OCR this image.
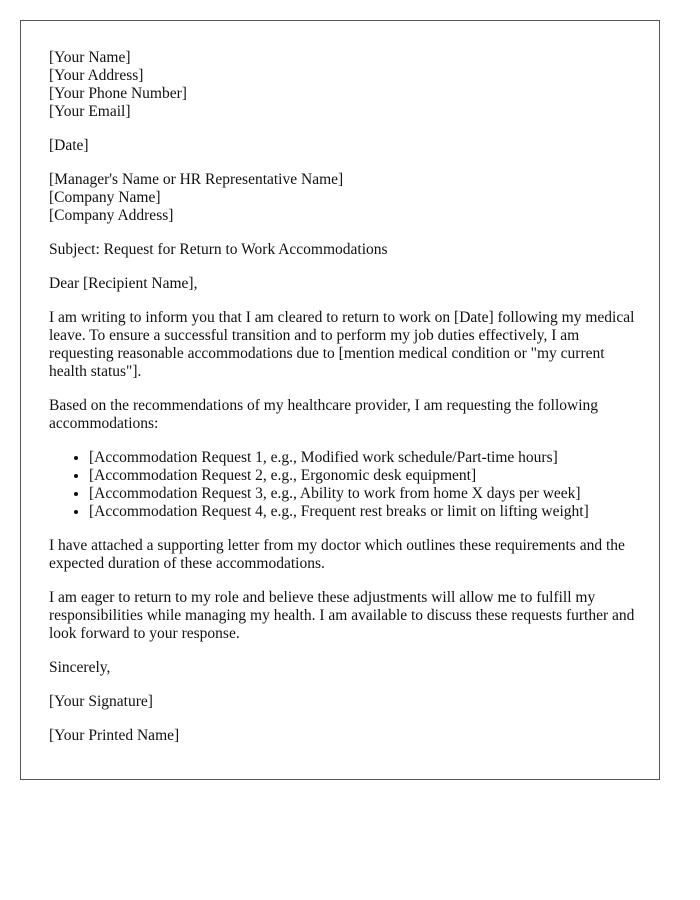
[Your Name]

[Your Address]

[Your Phone Number]

[Your Email]

[Date]

[Manager's Name or HR Representative Name]

[Company Name]

[Company Address]

Subject: Request for Return to Work Accommodations

Dear [Recipient Name],

I am writing to inform you that I am cleared to return to work on [Date] following my medical leave. To ensure a successful transition and to perform my job duties effectively, I am requesting reasonable accommodations due to [mention medical condition or "my current health status"].

Based on the recommendations of my healthcare provider, I am requesting the following accommodations:

• [Accommodation Request 1, e.g., Modified work schedule/Part-time hours]
• [Accommodation Request 2, e.g., Ergonomic desk equipment]
• [Accommodation Request 3, e.g., Ability to work from home X days per week]
• [Accommodation Request 4, e.g., Frequent rest breaks or limit on lifting weight]

I have attached a supporting letter from my doctor which outlines these requirements and the expected duration of these accommodations.

I am eager to return to my role and believe these adjustments will allow me to fulfill my responsibilities while managing my health. I am available to discuss these requests further and look forward to your response.

Sincerely,

[Your Signature]

[Your Printed Name]
